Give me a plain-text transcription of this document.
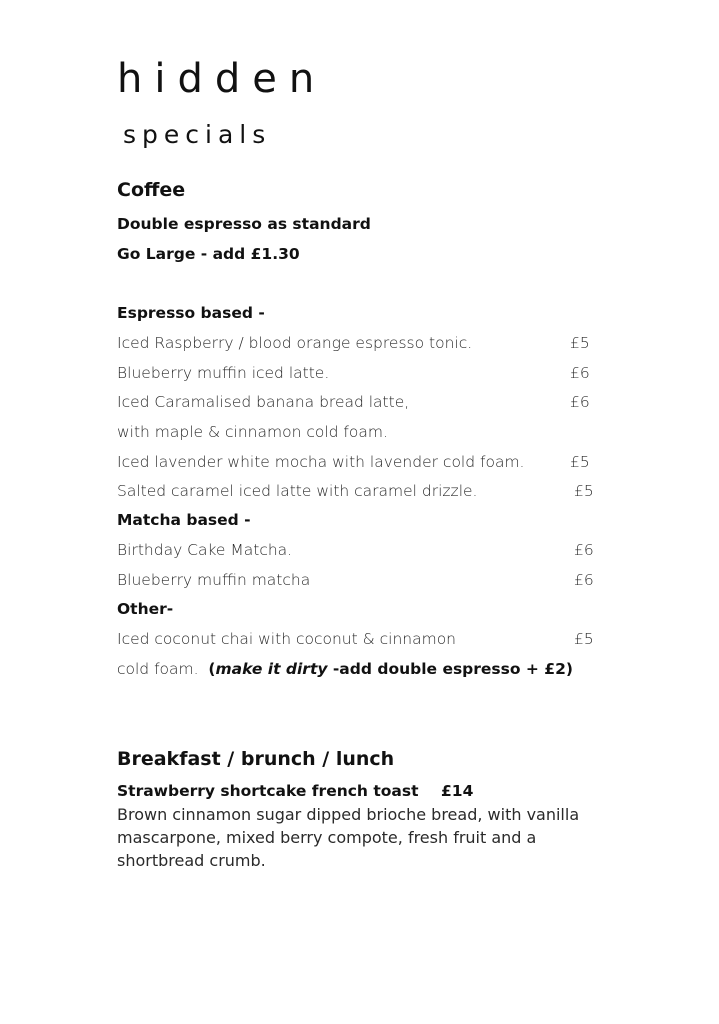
hidden
specials
Coffee
Double espresso as standard
Go Large - add £1.30
Espresso based -
Iced Raspberry / blood orange espresso tonic.	£5
Blueberry muffin iced latte.	£6
Iced Caramalised banana bread latte,	£6
with maple & cinnamon cold foam.
Iced lavender white mocha with lavender cold foam.	£5
Salted caramel iced latte with caramel drizzle.	£5
Matcha based -
Birthday Cake Matcha.	£6
Blueberry muffin matcha	£6
Other-
Iced coconut chai with coconut & cinnamon	£5
cold foam. (make it dirty -add double espresso + £2)
Breakfast / brunch / lunch
Strawberry shortcake french toast £14
Brown cinnamon sugar dipped brioche bread, with vanilla mascarpone, mixed berry compote, fresh fruit and a shortbread crumb.
